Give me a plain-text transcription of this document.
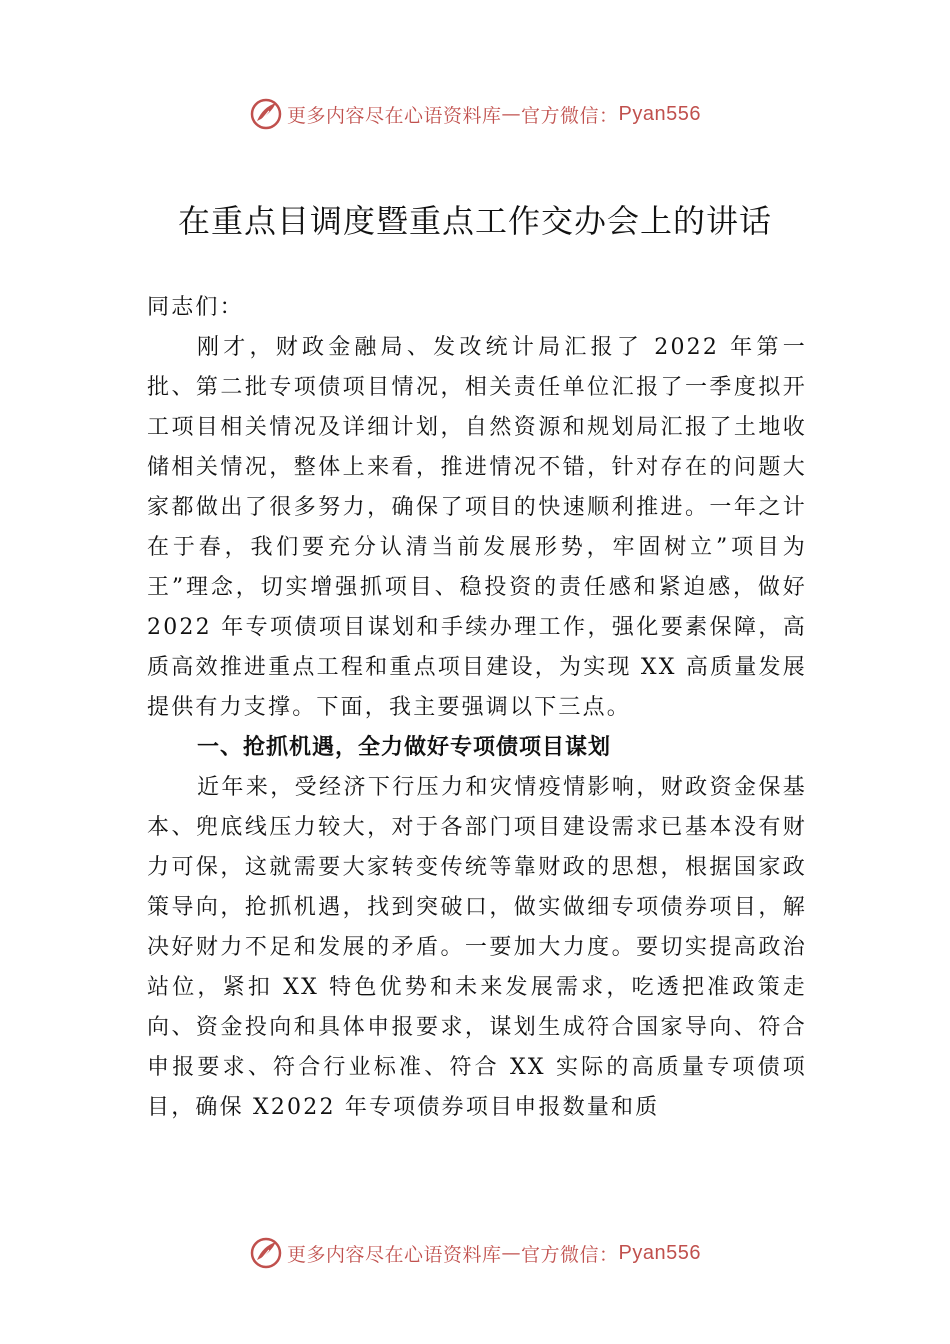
更多内容尽在心语资料库 — 官方微信： Pyan556
在重点目调度暨重点工作交办会上的讲话

同志们：

刚才，财政金融局、发改统计局汇报了 2022 年第一批、第二批专项债项目情况，相关责任单位汇报了一季度拟开工项目相关情况及详细计划，自然资源和规划局汇报了土地收储相关情况，整体上来看，推进情况不错，针对存在的问题大家都做出了很多努力，确保了项目的快速顺利推进。一年之计在于春，我们要充分认清当前发展形势，牢固树立”项目为王”理念，切实增强抓项目、稳投资的责任感和紧迫感，做好 2022 年专项债项目谋划和手续办理工作，强化要素保障，高质高效推进重点工程和重点项目建设，为实现 XX 高质量发展提供有力支撑。下面，我主要强调以下三点。

一、抢抓机遇，全力做好专项债项目谋划

近年来，受经济下行压力和灾情疫情影响，财政资金保基本、兜底线压力较大，对于各部门项目建设需求已基本没有财力可保，这就需要大家转变传统等靠财政的思想，根据国家政策导向，抢抓机遇，找到突破口，做实做细专项债券项目，解决好财力不足和发展的矛盾。一要加大力度。要切实提高政治站位，紧扣 XX 特色优势和未来发展需求，吃透把准政策走向、资金投向和具体申报要求，谋划生成符合国家导向、符合申报要求、符合行业标准、符合 XX 实际的高质量专项债项目，确保 X2022 年专项债券项目申报数量和质

更多内容尽在心语资料库 — 官方微信： Pyan556
